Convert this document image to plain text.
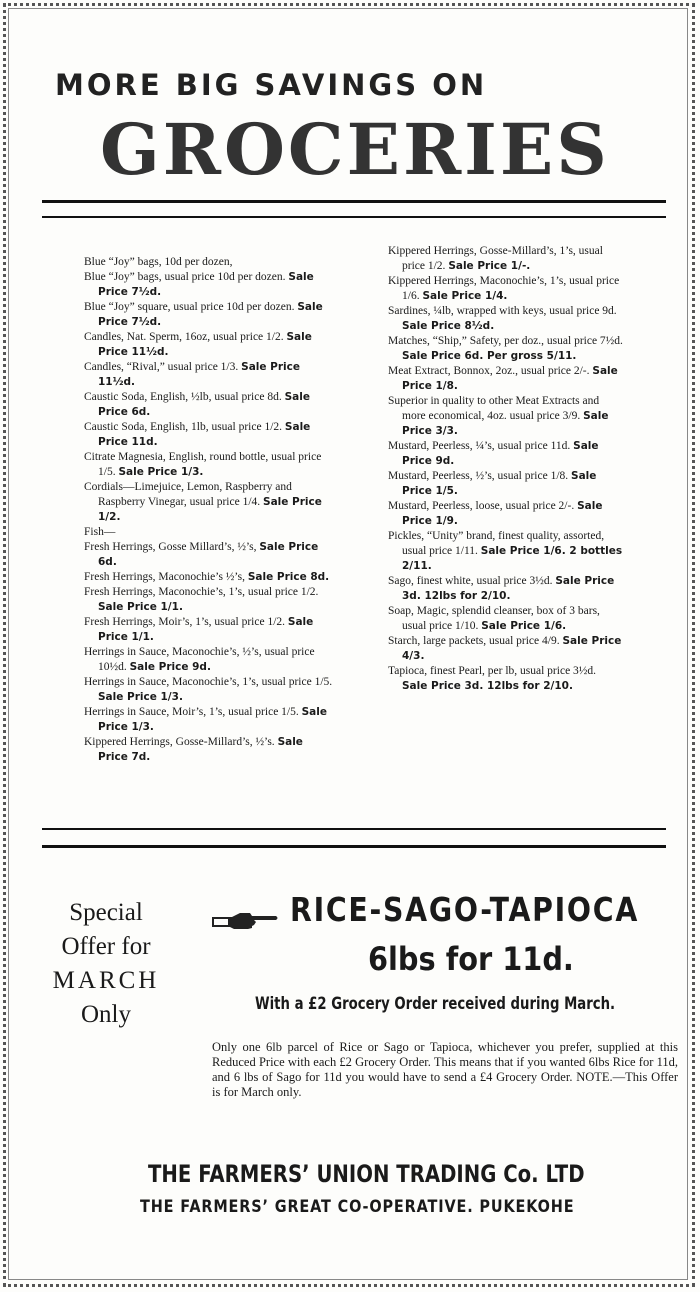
MORE BIG SAVINGS ON
GROCERIES
Blue “Joy” bags, 10d per dozen,
Blue “Joy” bags, usual price 10d per dozen. Sale Price 7½d.
Blue “Joy” square, usual price 10d per dozen. Sale Price 7½d.
Candles, Nat. Sperm, 16oz, usual price 1/2. Sale Price 11½d.
Candles, “Rival,” usual price 1/3. Sale Price 11½d.
Caustic Soda, English, ½lb, usual price 8d. Sale Price 6d.
Caustic Soda, English, 1lb, usual price 1/2. Sale Price 11d.
Citrate Magnesia, English, round bottle, usual price 1/5. Sale Price 1/3.
Cordials—Limejuice, Lemon, Raspberry and Raspberry Vinegar, usual price 1/4. Sale Price 1/2.
Fish—
Fresh Herrings, Gosse Millard’s, ½’s, Sale Price 6d.
Fresh Herrings, Maconochie’s ½’s, Sale Price 8d.
Fresh Herrings, Maconochie’s, 1’s, usual price 1/2. Sale Price 1/1.
Fresh Herrings, Moir’s, 1’s, usual price 1/2. Sale Price 1/1.
Herrings in Sauce, Maconochie’s, ½’s, usual price 10½d. Sale Price 9d.
Herrings in Sauce, Maconochie’s, 1’s, usual price 1/5. Sale Price 1/3.
Herrings in Sauce, Moir’s, 1’s, usual price 1/5. Sale Price 1/3.
Kippered Herrings, Gosse-Millard’s, ½’s. Sale Price 7d.
Kippered Herrings, Gosse-Millard’s, 1’s, usual price 1/2. Sale Price 1/-.
Kippered Herrings, Maconochie’s, 1’s, usual price 1/6. Sale Price 1/4.
Sardines, ¼lb, wrapped with keys, usual price 9d. Sale Price 8½d.
Matches, “Ship,” Safety, per doz., usual price 7½d. Sale Price 6d. Per gross 5/11.
Meat Extract, Bonnox, 2oz., usual price 2/-. Sale Price 1/8.
Superior in quality to other Meat Extracts and more economical, 4oz. usual price 3/9. Sale Price 3/3.
Mustard, Peerless, ¼’s, usual price 11d. Sale Price 9d.
Mustard, Peerless, ½’s, usual price 1/8. Sale Price 1/5.
Mustard, Peerless, loose, usual price 2/-. Sale Price 1/9.
Pickles, “Unity” brand, finest quality, assorted, usual price 1/11. Sale Price 1/6. 2 bottles 2/11.
Sago, finest white, usual price 3½d. Sale Price 3d. 12lbs for 2/10.
Soap, Magic, splendid cleanser, box of 3 bars, usual price 1/10. Sale Price 1/6.
Starch, large packets, usual price 4/9. Sale Price 4/3.
Tapioca, finest Pearl, per lb, usual price 3½d. Sale Price 3d. 12lbs for 2/10.
Special
Offer for
MARCH
Only
RICE-SAGO-TAPIOCA
6lbs for 11d.
With a £2 Grocery Order received during March.
Only one 6lb parcel of Rice or Sago or Tapioca, whichever you prefer, supplied at this Reduced Price with each £2 Grocery Order. This means that if you wanted 6lbs Rice for 11d, and 6 lbs of Sago for 11d you would have to send a £4 Grocery Order. NOTE.—This Offer is for March only.
THE FARMERS’ UNION TRADING Co. LTD
THE FARMERS’ GREAT CO-OPERATIVE. PUKEKOHE
